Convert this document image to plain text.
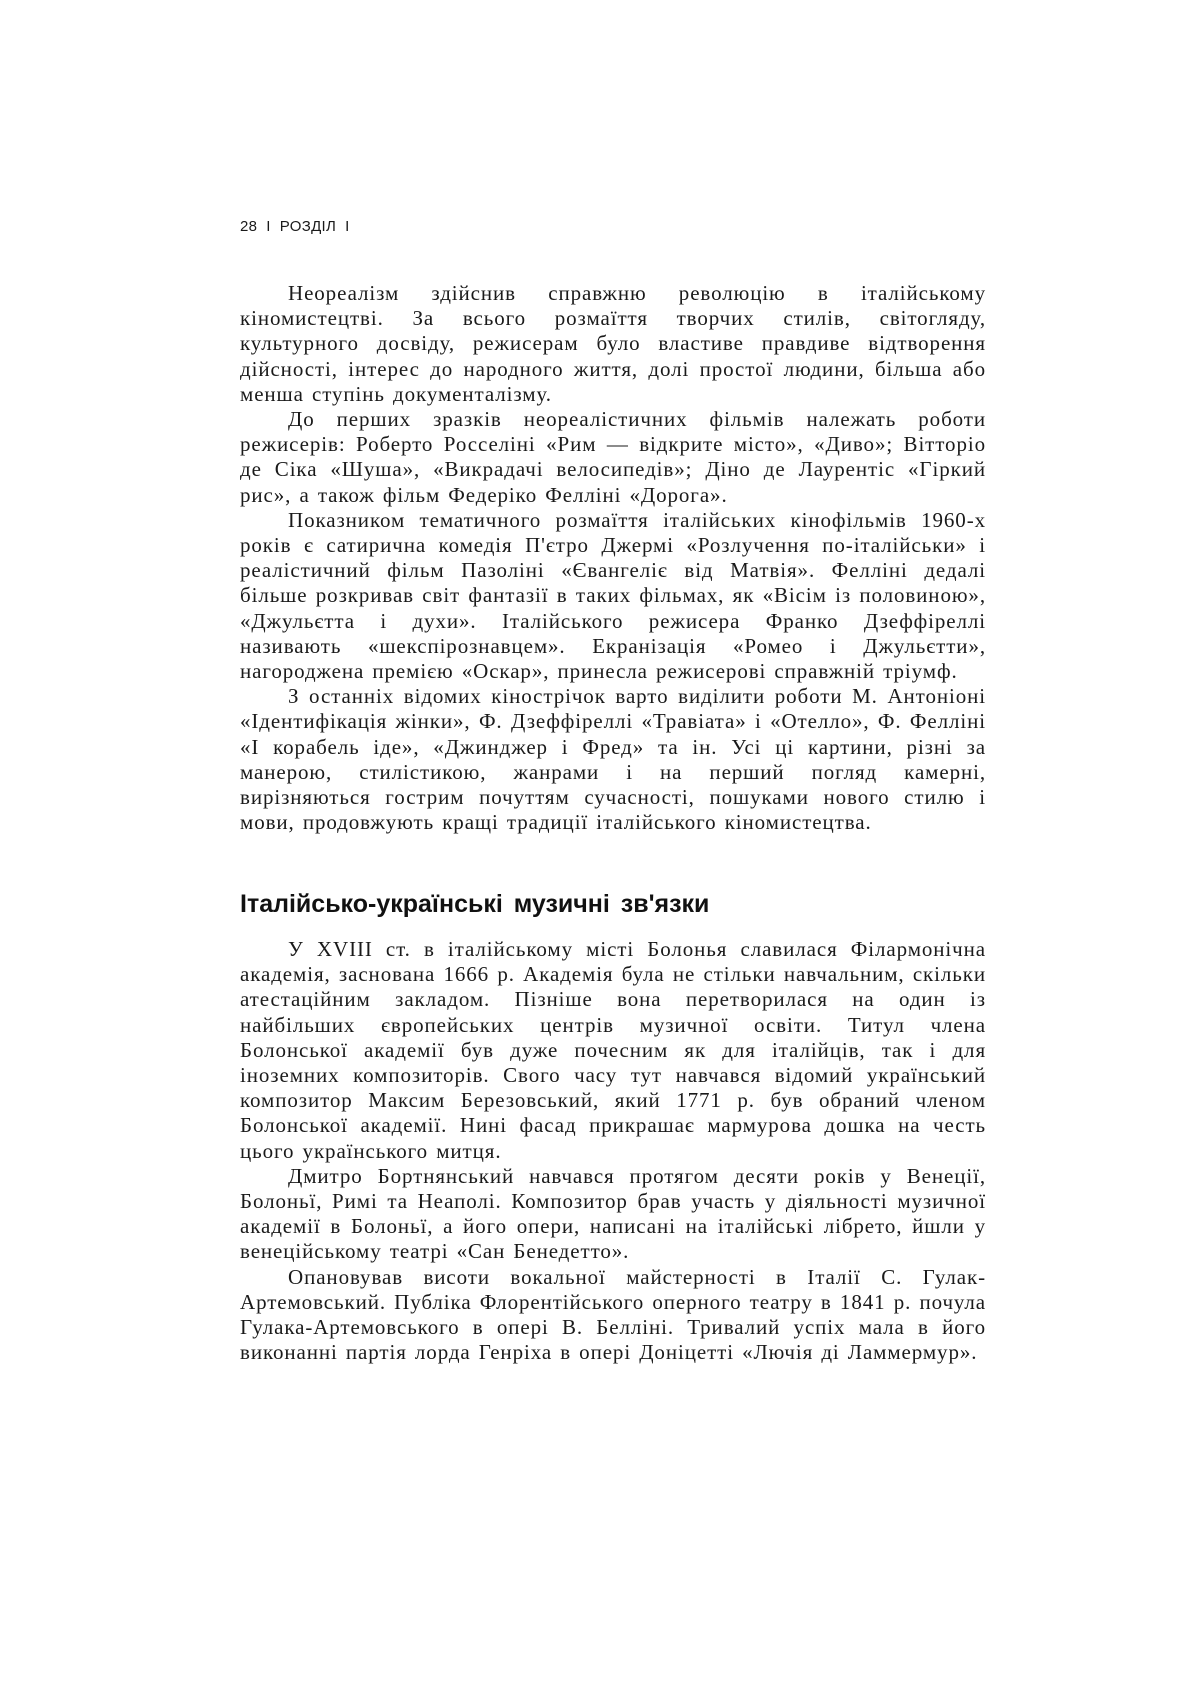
28 I РОЗДІЛ I

Неореалізм здійснив справжню революцію в італійському кіномистецтві. За всього розмаїття творчих стилів, світогляду, культурного досвіду, режисерам було властиве правдиве відтворення дійсності, інтерес до народного життя, долі простої людини, більша або менша ступінь документалізму.

До перших зразків неореалістичних фільмів належать роботи режисерів: Роберто Росселіні «Рим — відкрите місто», «Диво»; Вітторіо де Сіка «Шуша», «Викрадачі велосипедів»; Діно де Лаурентіс «Гіркий рис», а також фільм Федеріко Фелліні «Дорога».

Показником тематичного розмаїття італійських кінофільмів 1960-х років є сатирична комедія П'єтро Джермі «Розлучення по-італійськи» і реалістичний фільм Пазоліні «Євангеліє від Матвія». Фелліні дедалі більше розкривав світ фантазії в таких фільмах, як «Вісім із половиною», «Джульєтта і духи». Італійського режисера Франко Дзеффіреллі називають «шекспірознавцем». Екранізація «Ромео і Джульєтти», нагороджена премією «Оскар», принесла режисерові справжній тріумф.

З останніх відомих кінострічок варто виділити роботи М. Антоніоні «Ідентифікація жінки», Ф. Дзеффіреллі «Травіата» і «Отелло», Ф. Фелліні «І корабель іде», «Джинджер і Фред» та ін. Усі ці картини, різні за манерою, стилістикою, жанрами і на перший погляд камерні, вирізняються гострим почуттям сучасності, пошуками нового стилю і мови, продовжують кращі традиції італійського кіномистецтва.

Італійсько-українські музичні зв'язки

У XVIII ст. в італійському місті Болонья славилася Філармонічна академія, заснована 1666 р. Академія була не стільки навчальним, скільки атестаційним закладом. Пізніше вона перетворилася на один із найбільших європейських центрів музичної освіти. Титул члена Болонської академії був дуже почесним як для італійців, так і для іноземних композиторів. Свого часу тут навчався відомий український композитор Максим Березовський, який 1771 р. був обраний членом Болонської академії. Нині фасад прикрашає мармурова дошка на честь цього українського митця.

Дмитро Бортнянський навчався протягом десяти років у Венеції, Болоньї, Римі та Неаполі. Композитор брав участь у діяльності музичної академії в Болоньї, а його опери, написані на італійські лібрето, йшли у венеційському театрі «Сан Бенедетто».

Опановував висоти вокальної майстерності в Італії С. Гулак-Артемовський. Публіка Флорентійського оперного театру в 1841 р. почула Гулака-Артемовського в опері В. Белліні. Тривалий успіх мала в його виконанні партія лорда Генріха в опері Доніцетті «Лючія ді Ламмермур».
